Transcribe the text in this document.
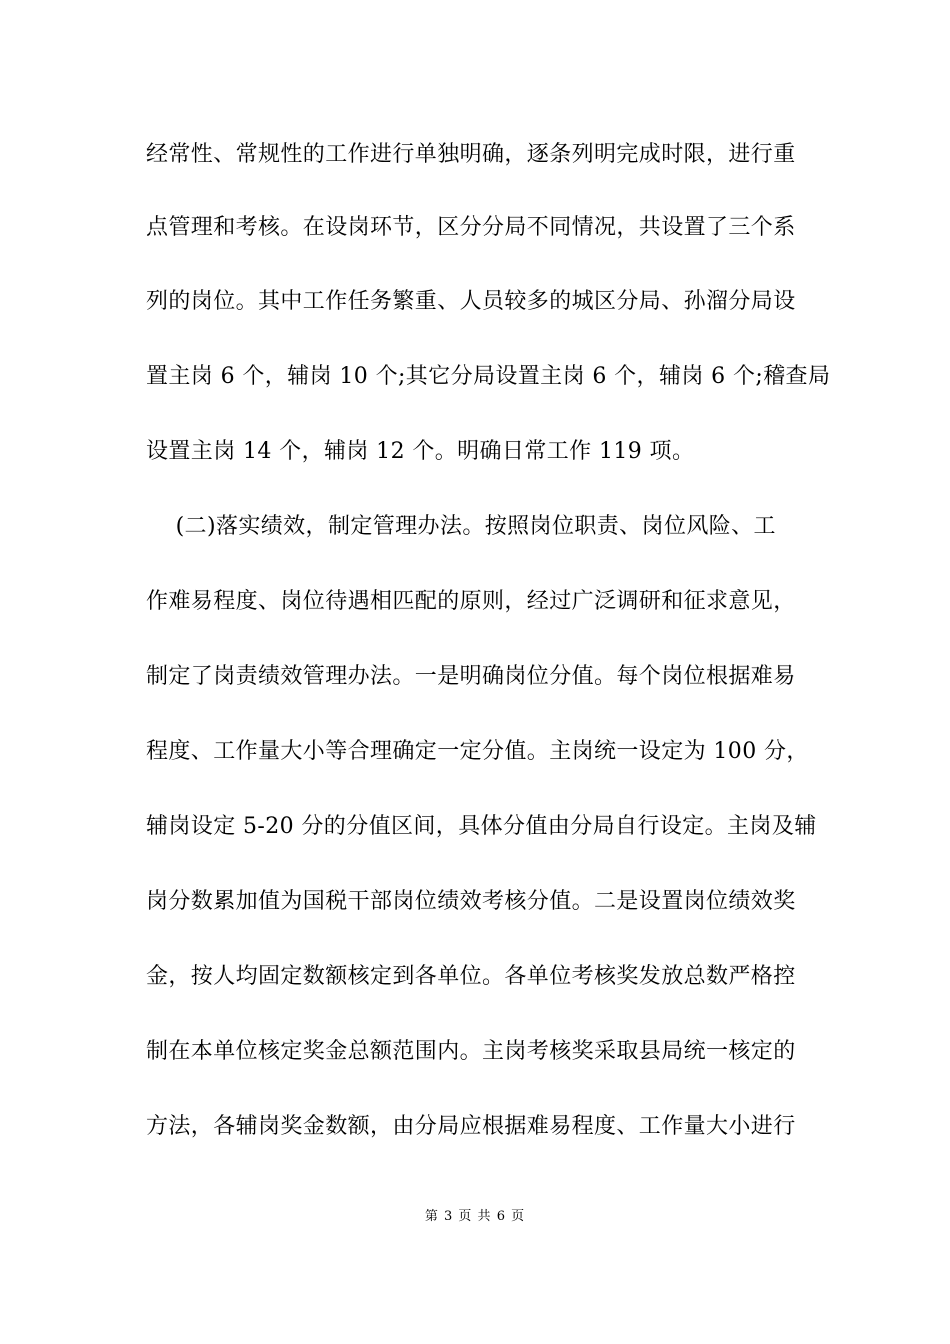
经常性、常规性的工作进行单独明确，逐条列明完成时限，进行重
点管理和考核。在设岗环节，区分分局不同情况，共设置了三个系
列的岗位。其中工作任务繁重、人员较多的城区分局、孙溜分局设
置主岗 6 个，辅岗 10 个;其它分局设置主岗 6 个，辅岗 6 个;稽查局
设置主岗 14 个，辅岗 12 个。明确日常工作 119 项。
(二)落实绩效，制定管理办法。按照岗位职责、岗位风险、工
作难易程度、岗位待遇相匹配的原则，经过广泛调研和征求意见，
制定了岗责绩效管理办法。一是明确岗位分值。每个岗位根据难易
程度、工作量大小等合理确定一定分值。主岗统一设定为 100 分，
辅岗设定 5-20 分的分值区间，具体分值由分局自行设定。主岗及辅
岗分数累加值为国税干部岗位绩效考核分值。二是设置岗位绩效奖
金，按人均固定数额核定到各单位。各单位考核奖发放总数严格控
制在本单位核定奖金总额范围内。主岗考核奖采取县局统一核定的
方法，各辅岗奖金数额，由分局应根据难易程度、工作量大小进行
第 3 页 共 6 页
